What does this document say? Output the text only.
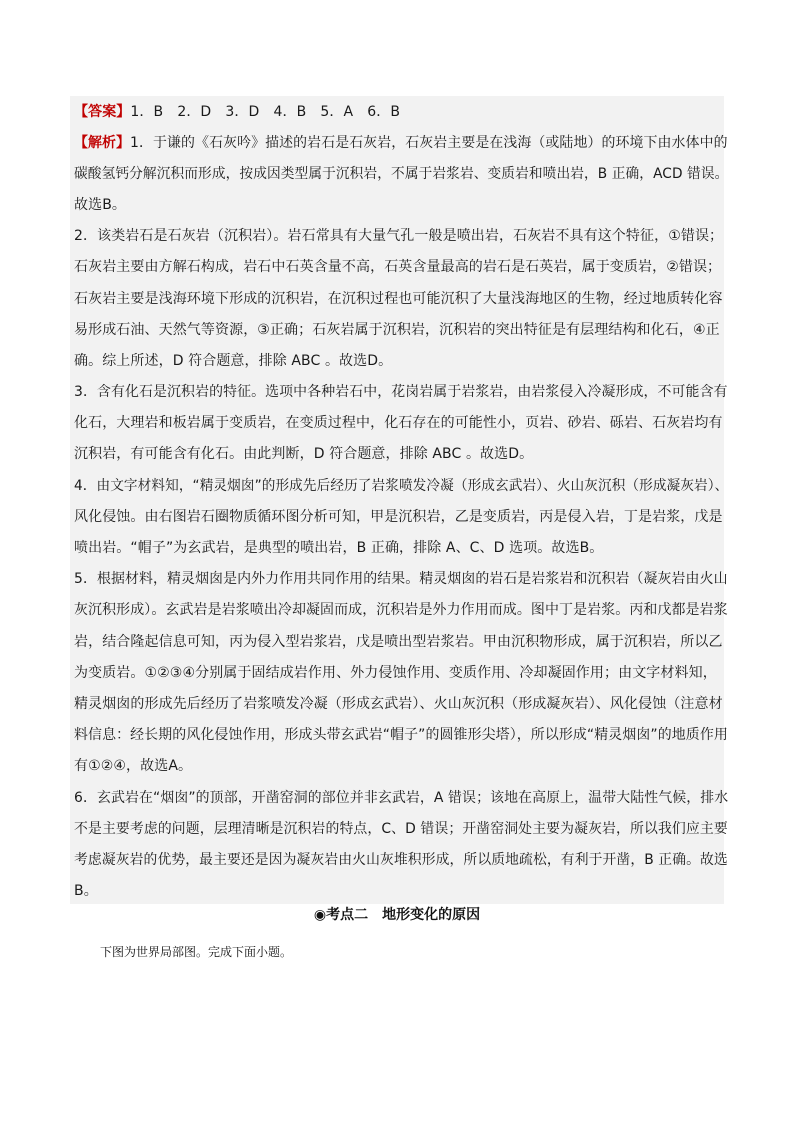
【答案】1．B　2．D　3．D　4．B　5．A　6．B
【解析】1．于谦的《石灰吟》描述的岩石是石灰岩，石灰岩主要是在浅海（或陆地）的环境下由水体中的
碳酸氢钙分解沉积而形成，按成因类型属于沉积岩，不属于岩浆岩、变质岩和喷出岩，B 正确，ACD 错误。
故选B。
2．该类岩石是石灰岩（沉积岩）。岩石常具有大量气孔一般是喷出岩，石灰岩不具有这个特征，①错误；
石灰岩主要由方解石构成，岩石中石英含量不高，石英含量最高的岩石是石英岩，属于变质岩，②错误；
石灰岩主要是浅海环境下形成的沉积岩，在沉积过程也可能沉积了大量浅海地区的生物，经过地质转化容
易形成石油、天然气等资源，③正确；石灰岩属于沉积岩，沉积岩的突出特征是有层理结构和化石，④正
确。综上所述，D 符合题意，排除 ABC 。故选D。
3．含有化石是沉积岩的特征。选项中各种岩石中，花岗岩属于岩浆岩，由岩浆侵入冷凝形成，不可能含有
化石，大理岩和板岩属于变质岩，在变质过程中，化石存在的可能性小，页岩、砂岩、砾岩、石灰岩均有
沉积岩，有可能含有化石。由此判断，D 符合题意，排除 ABC 。故选D。
4．由文字材料知，“精灵烟囱”的形成先后经历了岩浆喷发冷凝（形成玄武岩）、火山灰沉积（形成凝灰岩）、
风化侵蚀。由右图岩石圈物质循环图分析可知，甲是沉积岩，乙是变质岩，丙是侵入岩，丁是岩浆，戊是
喷出岩。“帽子”为玄武岩，是典型的喷出岩，B 正确，排除 A、C、D 选项。故选B。
5．根据材料，精灵烟囱是内外力作用共同作用的结果。精灵烟囱的岩石是岩浆岩和沉积岩（凝灰岩由火山
灰沉积形成）。玄武岩是岩浆喷出冷却凝固而成，沉积岩是外力作用而成。图中丁是岩浆。丙和戊都是岩浆
岩，结合隆起信息可知，丙为侵入型岩浆岩，戊是喷出型岩浆岩。甲由沉积物形成，属于沉积岩，所以乙
为变质岩。①②③④分别属于固结成岩作用、外力侵蚀作用、变质作用、冷却凝固作用；由文字材料知，
精灵烟囱的形成先后经历了岩浆喷发冷凝（形成玄武岩）、火山灰沉积（形成凝灰岩）、风化侵蚀（注意材
料信息：经长期的风化侵蚀作用，形成头带玄武岩“帽子”的圆锥形尖塔），所以形成“精灵烟囱”的地质作用
有①②④，故选A。
6．玄武岩在“烟囱”的顶部，开凿窑洞的部位并非玄武岩，A 错误；该地在高原上，温带大陆性气候，排水
不是主要考虑的问题，层理清晰是沉积岩的特点，C、D 错误；开凿窑洞处主要为凝灰岩，所以我们应主要
考虑凝灰岩的优势，最主要还是因为凝灰岩由火山灰堆积形成，所以质地疏松，有利于开凿，B 正确。故选
B。
◉考点二　地形变化的原因
下图为世界局部图。完成下面小题。
